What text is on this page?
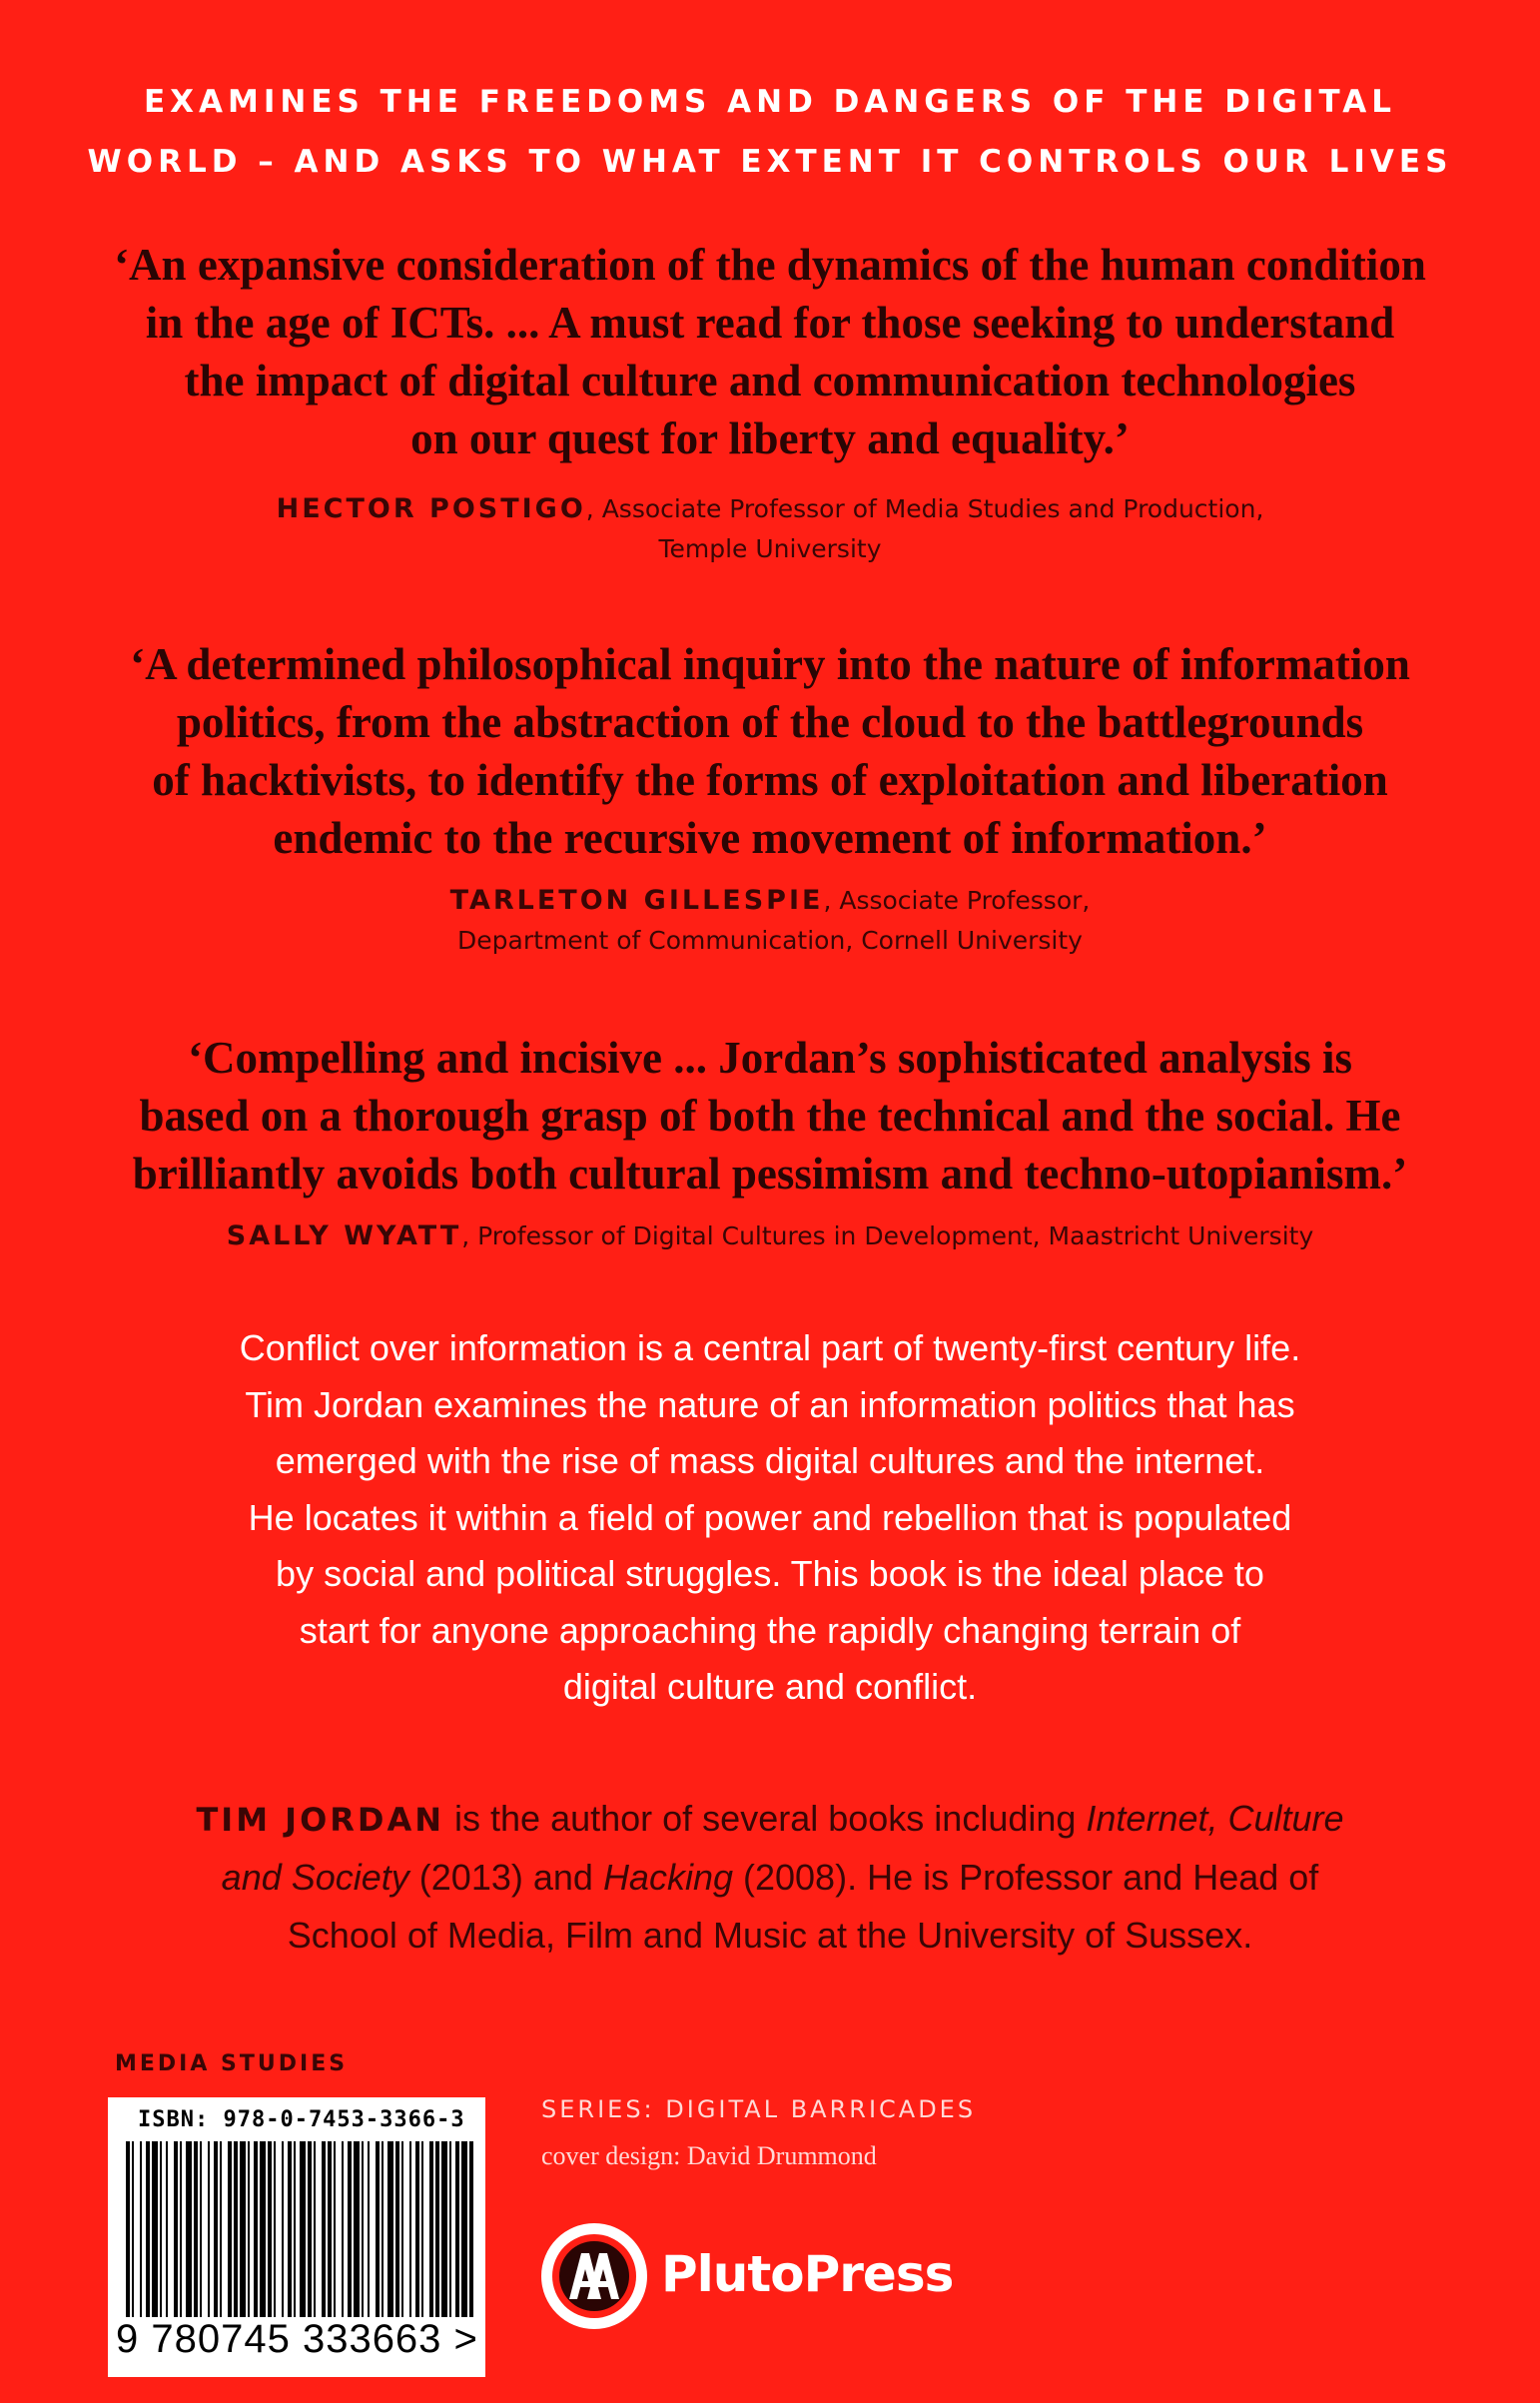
EXAMINES THE FREEDOMS AND DANGERS OF THE DIGITAL
WORLD – AND ASKS TO WHAT EXTENT IT CONTROLS OUR LIVES
‘An expansive consideration of the dynamics of the human condition
in the age of ICTs. ... A must read for those seeking to understand
the impact of digital culture and communication technologies
on our quest for liberty and equality.’
HECTOR POSTIGO, Associate Professor of Media Studies and Production,
Temple University
‘A determined philosophical inquiry into the nature of information
politics, from the abstraction of the cloud to the battlegrounds
of hacktivists, to identify the forms of exploitation and liberation
endemic to the recursive movement of information.’
TARLETON GILLESPIE, Associate Professor,
Department of Communication, Cornell University
‘Compelling and incisive ... Jordan’s sophisticated analysis is
based on a thorough grasp of both the technical and the social. He
brilliantly avoids both cultural pessimism and techno-utopianism.’
SALLY WYATT, Professor of Digital Cultures in Development, Maastricht University
Conflict over information is a central part of twenty-first century life.
Tim Jordan examines the nature of an information politics that has
emerged with the rise of mass digital cultures and the internet.
He locates it within a field of power and rebellion that is populated
by social and political struggles. This book is the ideal place to
start for anyone approaching the rapidly changing terrain of
digital culture and conflict.
TIM JORDAN is the author of several books including Internet, Culture
and Society (2013) and Hacking (2008). He is Professor and Head of
School of Media, Film and Music at the University of Sussex.
MEDIA STUDIES
ISBN: 978-0-7453-3366-3
9 780745 333663 >
SERIES: DIGITAL BARRICADES
cover design: David Drummond
PlutoPress
